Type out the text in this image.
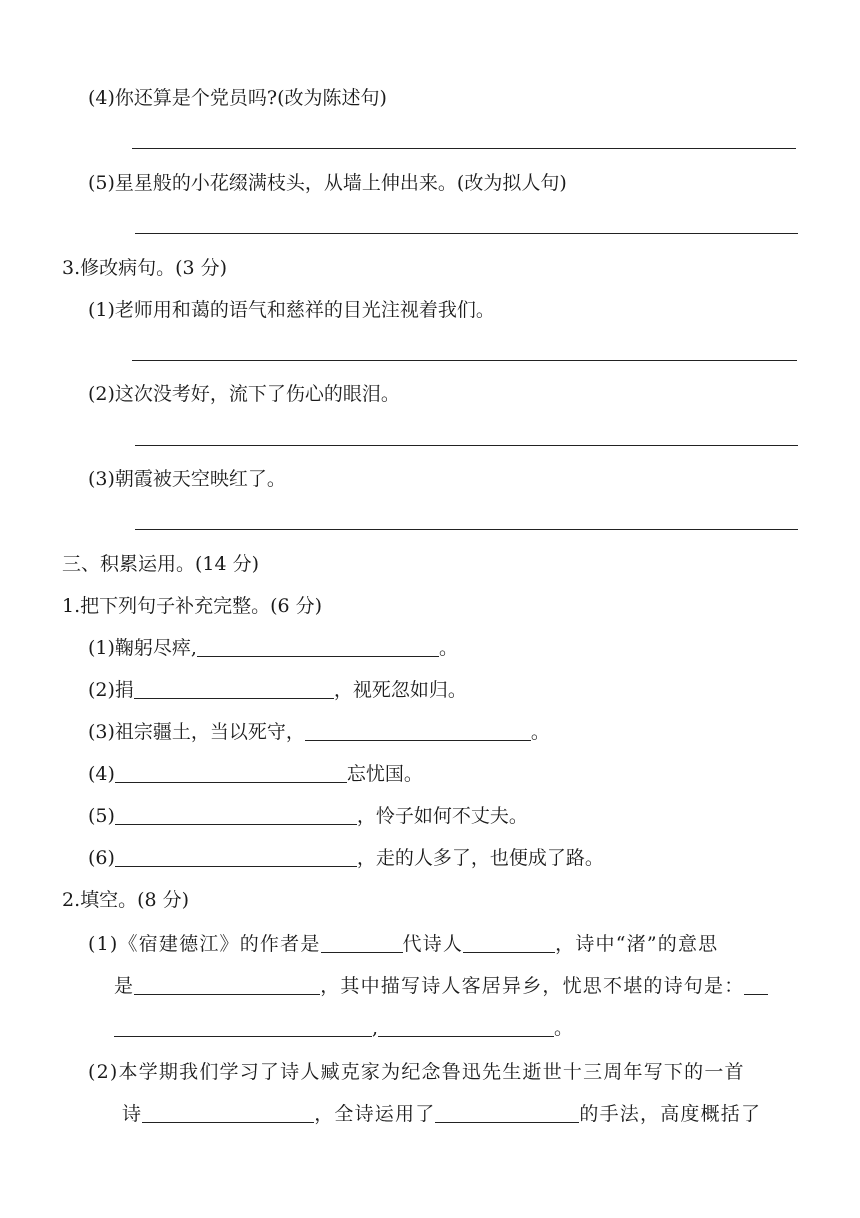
(4)你还算是个党员吗?(改为陈述句)
(5)星星般的小花缀满枝头，从墙上伸出来。(改为拟人句)
3.修改病句。(3 分)
(1)老师用和蔼的语气和慈祥的目光注视着我们。
(2)这次没考好，流下了伤心的眼泪。
(3)朝霞被天空映红了。
三、积累运用。(14 分)
1.把下列句子补充完整。(6 分)
(1)鞠躬尽瘁,	。
(2)捐	，视死忽如归。
(3)祖宗疆土，当以死守，	。
(4)	忘忧国。
(5)	，怜子如何不丈夫。
(6)	，走的人多了，也便成了路。
2.填空。(8 分)
(1)《宿建德江》的作者是	代诗人	，诗中“渚”的意思
是	，其中描写诗人客居异乡，忧思不堪的诗句是：
,	。
(2)本学期我们学习了诗人臧克家为纪念鲁迅先生逝世十三周年写下的一首
诗	，全诗运用了	的手法，高度概括了
